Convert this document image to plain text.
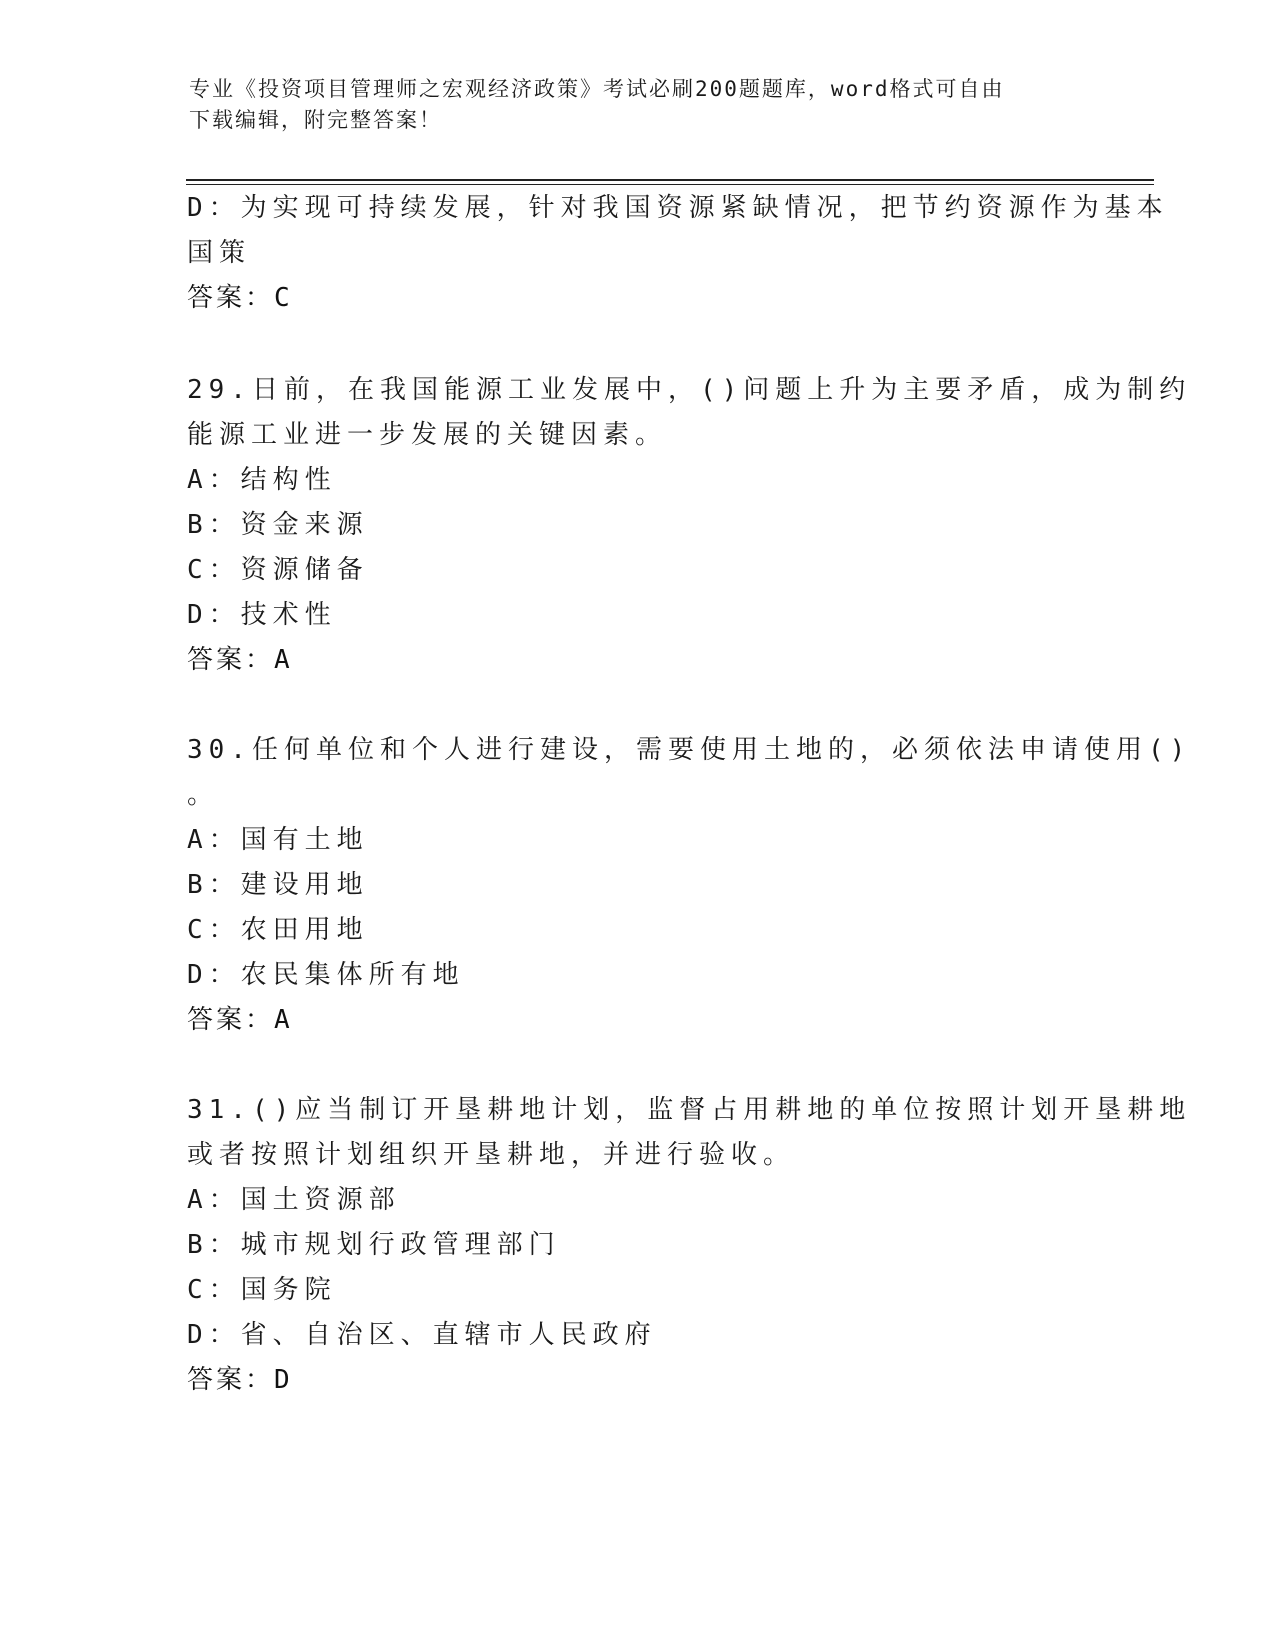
专业《投资项目管理师之宏观经济政策》考试必刷200题题库，word格式可自由
下载编辑，附完整答案！
D：为实现可持续发展，针对我国资源紧缺情况，把节约资源作为基本
国策
答案：C
29.日前，在我国能源工业发展中，()问题上升为主要矛盾，成为制约
能源工业进一步发展的关键因素。
A：结构性
B：资金来源
C：资源储备
D：技术性
答案：A
30.任何单位和个人进行建设，需要使用土地的，必须依法申请使用()
。
A：国有土地
B：建设用地
C：农田用地
D：农民集体所有地
答案：A
31.()应当制订开垦耕地计划，监督占用耕地的单位按照计划开垦耕地
或者按照计划组织开垦耕地，并进行验收。
A：国土资源部
B：城市规划行政管理部门
C：国务院
D：省、自治区、直辖市人民政府
答案：D
